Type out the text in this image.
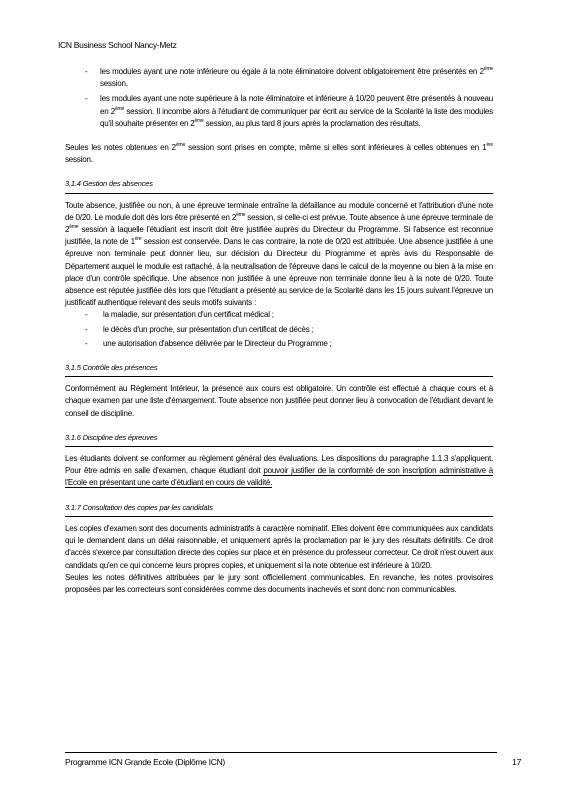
ICN Business School Nancy-Metz
- les modules ayant une note inférieure ou égale à la note éliminatoire doivent obligatoirement être présentés en 2ème session.
- les modules ayant une note supérieure à la note éliminatoire et inférieure à 10/20 peuvent être présentés à nouveau en 2ème session. Il incombe alors à l'étudiant de communiquer par écrit au service de la Scolarité la liste des modules qu'il souhaite présenter en 2ème session, au plus tard 8 jours après la proclamation des résultats.

Seules les notes obtenues en 2ème session sont prises en compte, même si elles sont inférieures à celles obtenues en 1ère session.

3.1.4 Gestion des absences

Toute absence, justifiée ou non, à une épreuve terminale entraîne la défaillance au module concerné et l'attribution d'une note de 0/20. Le module doit dès lors être présenté en 2ème session, si celle-ci est prévue. Toute absence à une épreuve terminale de 2ème session à laquelle l'étudiant est inscrit doit être justifiée auprès du Directeur du Programme. Si l'absence est reconnue justifiée, la note de 1ère session est conservée. Dans le cas contraire, la note de 0/20 est attribuée. Une absence justifiée à une épreuve non terminale peut donner lieu, sur décision du Directeur du Programme et après avis du Responsable de Département auquel le module est rattaché, à la neutralisation de l'épreuve dans le calcul de la moyenne ou bien à la mise en place d'un contrôle spécifique. Une absence non justifiée à une épreuve non terminale donne lieu à la note de 0/20. Toute absence est réputée justifiée dès lors que l'étudiant a présenté au service de la Scolarité dans les 15 jours suivant l'épreuve un justificatif authentique relevant des seuls motifs suivants :

- la maladie, sur présentation d'un certificat médical ;
- le décès d'un proche, sur présentation d'un certificat de décès ;
- une autorisation d'absence délivrée par le Directeur du Programme ;
3.1.5 Contrôle des présences

Conformément au Règlement Intérieur, la présence aux cours est obligatoire. Un contrôle est effectué à chaque cours et à chaque examen par une liste d'émargement. Toute absence non justifiée peut donner lieu à convocation de l'étudiant devant le conseil de discipline.

3.1.6 Discipline des épreuves

Les étudiants doivent se conformer au règlement général des évaluations. Les dispositions du paragraphe 1.1.3 s'appliquent. Pour être admis en salle d'examen, chaque étudiant doit pouvoir justifier de la conformité de son inscription administrative à l'Ecole en présentant une carte d'étudiant en cours de validité.

3.1.7 Consultation des copies par les candidats

Les copies d'examen sont des documents administratifs à caractère nominatif. Elles doivent être communiquées aux candidats qui le demandent dans un délai raisonnable, et uniquement après la proclamation par le jury des résultats définitifs. Ce droit d'accès s'exerce par consultation directe des copies sur place et en présence du professeur correcteur. Ce droit n'est ouvert aux candidats qu'en ce qui concerne leurs propres copies, et uniquement si la note obtenue est inférieure à 10/20.

Seules les notes définitives attribuées par le jury sont officiellement communicables. En revanche, les notes provisoires proposées par les correcteurs sont considérées comme des documents inachevés et sont donc non communicables.

Programme ICN Grande Ecole (Diplôme ICN)	17
